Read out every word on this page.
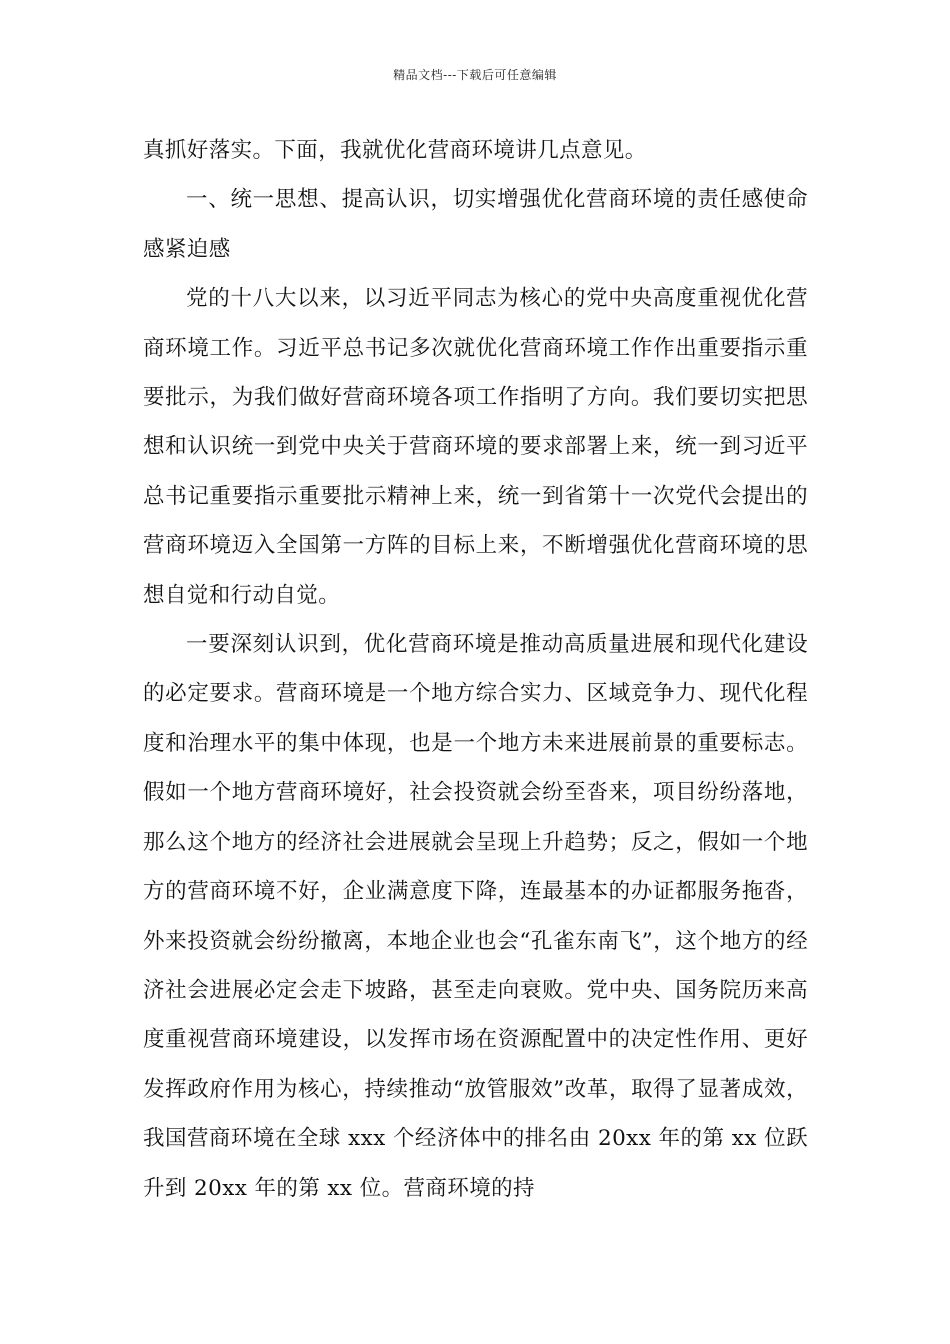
精品文档---下载后可任意编辑

真抓好落实。下面，我就优化营商环境讲几点意见。

一、统一思想、提高认识，切实增强优化营商环境的责任感使命感紧迫感

党的十八大以来，以习近平同志为核心的党中央高度重视优化营商环境工作。习近平总书记多次就优化营商环境工作作出重要指示重要批示，为我们做好营商环境各项工作指明了方向。我们要切实把思想和认识统一到党中央关于营商环境的要求部署上来，统一到习近平总书记重要指示重要批示精神上来，统一到省第十一次党代会提出的营商环境迈入全国第一方阵的目标上来，不断增强优化营商环境的思想自觉和行动自觉。

一要深刻认识到，优化营商环境是推动高质量进展和现代化建设的必定要求。营商环境是一个地方综合实力、区域竞争力、现代化程度和治理水平的集中体现，也是一个地方未来进展前景的重要标志。假如一个地方营商环境好，社会投资就会纷至沓来，项目纷纷落地，那么这个地方的经济社会进展就会呈现上升趋势；反之，假如一个地方的营商环境不好，企业满意度下降，连最基本的办证都服务拖沓，外来投资就会纷纷撤离，本地企业也会“孔雀东南飞”，这个地方的经济社会进展必定会走下坡路，甚至走向衰败。党中央、国务院历来高度重视营商环境建设，以发挥市场在资源配置中的决定性作用、更好发挥政府作用为核心，持续推动“放管服效”改革，取得了显著成效，我国营商环境在全球 xxx 个经济体中的排名由 20xx 年的第 xx 位跃升到 20xx 年的第 xx 位。营商环境的持
